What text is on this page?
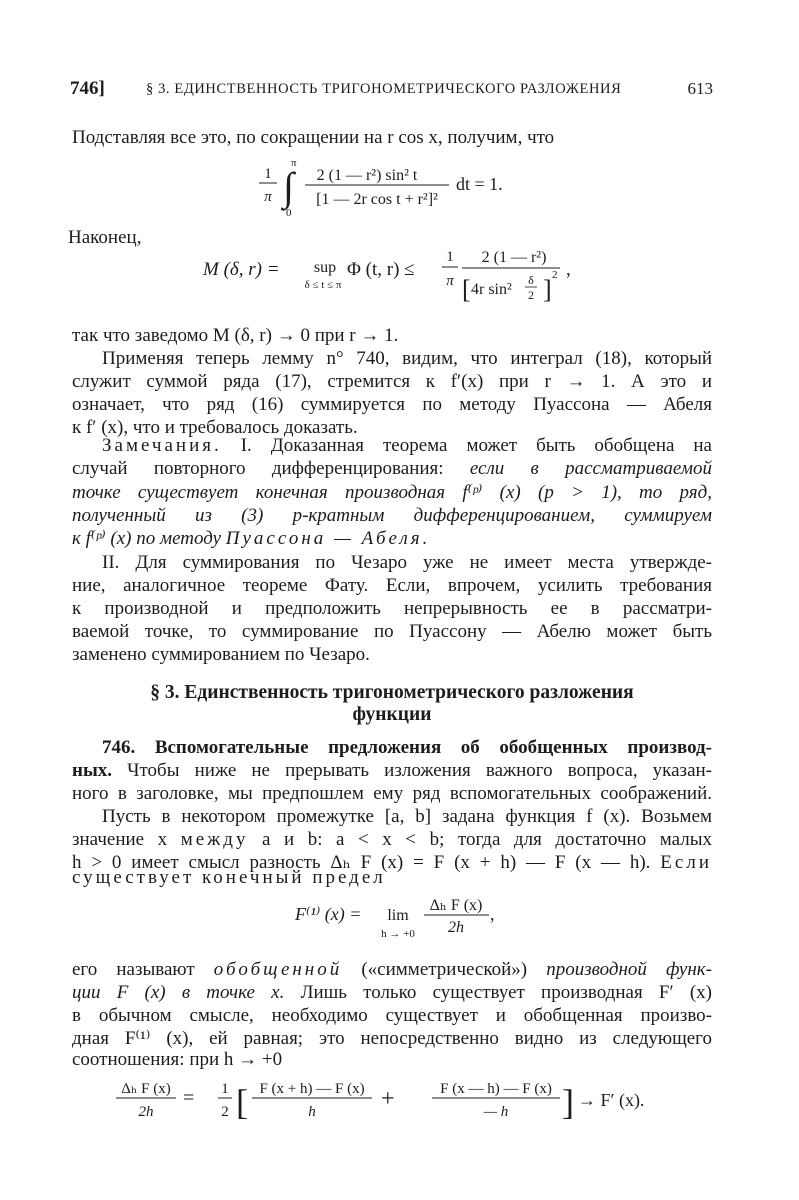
746]	§ 3. ЕДИНСТВЕННОСТЬ ТРИГОНОМЕТРИЧЕСКОГО РАЗЛОЖЕНИЯ	613
Подставляя все это, по сокращении на r cos x, получим, что
1
π ∫
π
0
2 (1 — r²) sin² t
[1 — 2r cos t + r²]²
dt = 1.
Наконец,
M (δ, r) = sup
δ ≤ t ≤ π
Φ (t, r) ≤
1
π
2 (1 — r²)
[ 4r sin²
δ
2 ] 2 ,
так что заведомо M (δ, r) → 0 при r → 1.
Применяя теперь лемму n° 740, видим, что интеграл (18), который
служит суммой ряда (17), стремится к f′(x) при r → 1. А это и
означает, что ряд (16) суммируется по методу Пуассона — Абеля
к f′ (x), что и требовалось доказать.
Замечания. I. Доказанная теорема может быть обобщена на
случай повторного дифференцирования: если в рассматриваемой
точке существует конечная производная f⁽ᵖ⁾ (x) (p > 1), то ряд,
полученный из (3) p-кратным дифференцированием, суммируем
к f⁽ᵖ⁾ (x) по методу Пуассона — Абеля.
II. Для суммирования по Чезаро уже не имеет места утвержде-
ние, аналогичное теореме Фату. Если, впрочем, усилить требования
к производной и предположить непрерывность ее в рассматри-
ваемой точке, то суммирование по Пуассону — Абелю может быть
заменено суммированием по Чезаро.
§ 3. Единственность тригонометрического разложения
функции
746. Вспомогательные предложения об обобщенных производ-
ных. Чтобы ниже не прерывать изложения важного вопроса, указан-
ного в заголовке, мы предпошлем ему ряд вспомогательных соображений.
Пусть в некотором промежутке [a, b] задана функция f (x). Возьмем
значение x между a и b: a < x < b; тогда для достаточно малых
h > 0 имеет смысл разность Δₕ F (x) = F (x + h) — F (x — h). Если
существует конечный предел
F⁽¹⁾ (x) = lim
h → +0
Δₕ F (x)
2h
,
его называют обобщенной («симметрической») производной функ-
ции F (x) в точке x. Лишь только существует производная F′ (x)
в обычном смысле, необходимо существует и обобщенная произво-
дная F⁽¹⁾ (x), ей равная; это непосредственно видно из следующего
соотношения: при h → +0
Δₕ F (x)
2h
= 1
2 [ F (x + h) — F (x)
h	+	F (x — h) — F (x)
— h ] → F′ (x).
